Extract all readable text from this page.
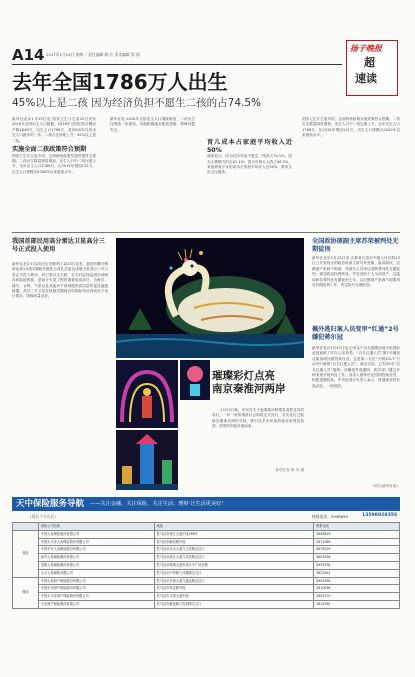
A14 2017年1月24日 星期二 责任编辑 颜 红 美术编辑 徐 翔
扬子晚报
超
速读
去年全国1786万人出生
45%以上是二孩 因为经济负担不愿生二孩的占74.5%

新华社北京1月23日电 国家卫生计生委22日发布2016年全国出生人口数据。2016年全国住院分娩活产数1846万，出生人口1786万，是2000年以来出生人口最多的一年。二孩占比持续上升，45%以上是二孩。

实施全面二孩政策符合预期

国家卫生计生委介绍，全面两孩政策实施效果符合预期。二孩出生数量明显增加，出生人口中二孩比重上升，全年出生人口1786万，比2015年增加131万，出生人口规模为2000年以来最高水平。

新华社电 2016年全国出生人口继续增加，二孩出生比例进一步提高，各地积极落实配套措施，保障母婴安全。

育儿成本占家庭平均收入近50%

调查显示，因为经济负担不愿生二孩的占74.5%，因为太费精力的占61.1%，因为年龄太大的占46.3%。家庭养育子女的成本占家庭平均收入近50%，教育支出占比最高。

国家卫生计生委介绍，全面两孩政策实施效果符合预期。二孩出生数量明显增加，出生人口中二孩比重上升，全年出生人口1786万，比2015年增加131万，出生人口规模为2000年以来最高水平。

我国首部民用高分雷达卫星高分三号正式投入使用
新华社北京1月23日电 国防科工局23日宣布，我国首颗分辨率达到1米的C频段多极化合成孔径雷达成像卫星高分三号卫星正式投入使用。该卫星可全天候、全天时监视监测全球海洋和陆地资源，是高分专项工程的重要组成部分，为海洋、减灾、水利、气象以及其他多个领域提供高质量的雷达遥感数据。高分三号卫星在轨测试期间各项指标均达到或优于设计要求，图像质量良好。
璀璨彩灯点亮
南京秦淮河两岸
1月23日晚，市民在夫子庙秦淮河畔观赏造型各异的彩灯。一年一度的秦淮灯会即将正式亮灯，各类花灯已陆续在秦淮河两岸亮相，吸引众多市民和游客前来观赏拍照，浓浓的年味扑面而来。
新华社发 杨 苏 摄
全国政协原副主席苏荣被判处无期徒刑
新华社北京1月23日电 吉林省长春市中级人民法院23日公开宣判全国政协原副主席苏荣受贿、滥用职权、巨额财产来源不明案，对被告人苏荣以受贿罪判处无期徒刑，剥夺政治权利终身，并处没收个人全部财产；以滥用职权罪判处有期徒刑七年；以巨额财产来源不明罪判处有期徒刑十年，决定执行无期徒刑。
佩外逃归案人员变审“红通”2号嫌犯蒋尔冠
新华社北京1月23日电 记者从中央反腐败协调小组国际追逃追赃工作办公室获悉，“百名红通人员”第2号嫌犯从新加坡回国投案自首。这是第二名在“天网2017”行动中归案的“百名红通人员”。截至目前，已有39名“百名红通人员”落网。该嫌犯外逃期间，相关部门通过多种渠道开展劝返工作，其本人最终决定回国投案自首，积极退缴赃款。中央追逃办负责人表示，将继续坚持有逃必追、一追到底。
（综合新华社电）
天中保险服务导航 ——关注金融、关注保险、关注生活；理财·让生活更美好！
(排名不分先后)	热线电话：2998659	13598928356
	保险公司名称	地址	联系电话
寿险	中国人寿保险股份有限公司	驻马店市练江大道中段168号	2658819
	中国太平洋人寿保险股份有限公司	驻马店市解放路中段	2671088
	中国平安人寿保险股份有限公司	驻马店市乐山大道与文化路交叉口	2879019
	新华人寿保险股份有限公司	驻马店市练江大道与雪松路交叉口	2602958
	泰康人寿保险股份有限公司	驻马店市驿城大道中段天中广场北侧	2939336
	太平人寿保险有限公司	驻马店市中华路与开源路交叉口	3825562
财险	中国人民财产保险股份有限公司	驻马店市开源大道与通达路交叉口	2955056
	中国平安财产保险股份有限公司	驻马店市风光路中段	2610096
	中国太平洋财产保险股份有限公司	驻马店市文明大道中段	2600370
	天安财产保险股份有限公司	驻马店市解放路与雪松路交叉口	2812090
